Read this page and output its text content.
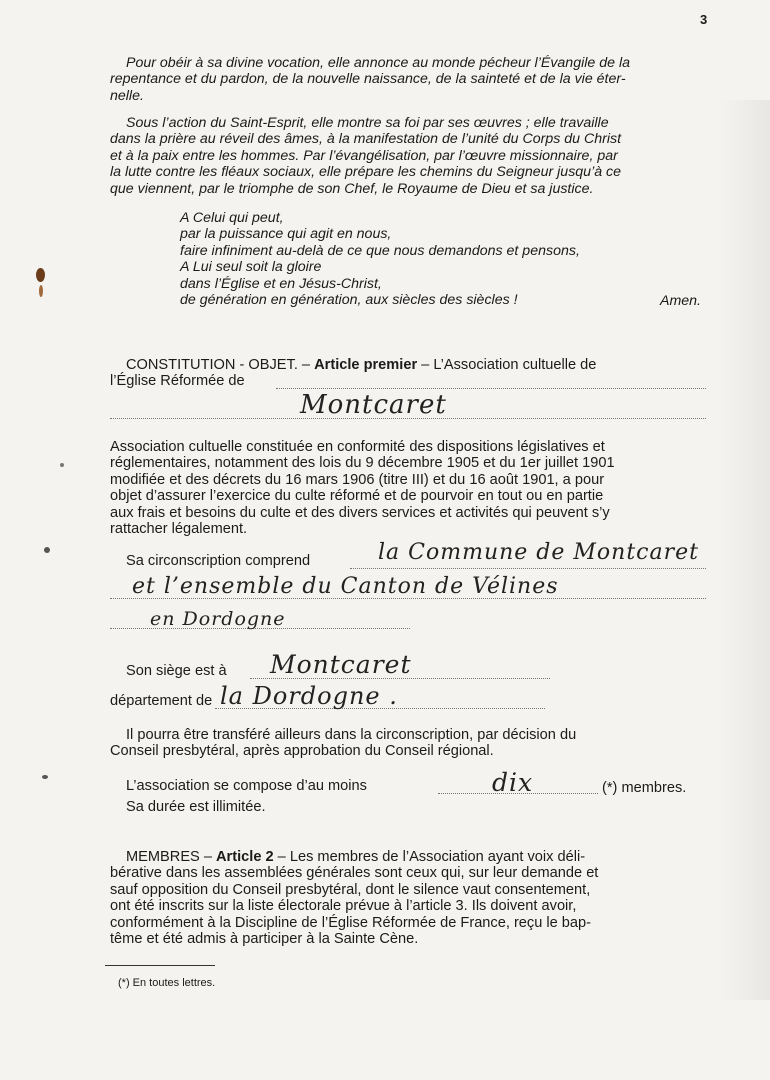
3
Pour obéir à sa divine vocation, elle annonce au monde pécheur l’Évangile de la
repentance et du pardon, de la nouvelle naissance, de la sainteté et de la vie éter-
nelle.
Sous l’action du Saint-Esprit, elle montre sa foi par ses œuvres ; elle travaille
dans la prière au réveil des âmes, à la manifestation de l’unité du Corps du Christ
et à la paix entre les hommes. Par l’évangélisation, par l’œuvre missionnaire, par
la lutte contre les fléaux sociaux, elle prépare les chemins du Seigneur jusqu’à ce
que viennent, par le triomphe de son Chef, le Royaume de Dieu et sa justice.
A Celui qui peut,
par la puissance qui agit en nous,
faire infiniment au-delà de ce que nous demandons et pensons,
A Lui seul soit la gloire
dans l’Église et en Jésus-Christ,
de génération en génération, aux siècles des siècles !	Amen.
CONSTITUTION - OBJET. – Article premier – L’Association cultuelle de
l’Église Réformée de
Montcaret
Association cultuelle constituée en conformité des dispositions législatives et
réglementaires, notamment des lois du 9 décembre 1905 et du 1er juillet 1901
modifiée et des décrets du 16 mars 1906 (titre III) et du 16 août 1901, a pour
objet d’assurer l’exercice du culte réformé et de pourvoir en tout ou en partie
aux frais et besoins du culte et des divers services et activités qui peuvent s’y
rattacher légalement.
Sa circonscription comprend	la Commune de Montcaret
et l’ensemble du Canton de Vélines
en Dordogne
Son siège est à	Montcaret
département de la Dordogne .
Il pourra être transféré ailleurs dans la circonscription, par décision du
Conseil presbytéral, après approbation du Conseil régional.
L’association se compose d’au moins	dix	(*) membres.
Sa durée est illimitée.
MEMBRES – Article 2 – Les membres de l’Association ayant voix déli-
bérative dans les assemblées générales sont ceux qui, sur leur demande et
sauf opposition du Conseil presbytéral, dont le silence vaut consentement,
ont été inscrits sur la liste électorale prévue à l’article 3. Ils doivent avoir,
conformément à la Discipline de l’Église Réformée de France, reçu le bap-
tême et été admis à participer à la Sainte Cène.
(*) En toutes lettres.
